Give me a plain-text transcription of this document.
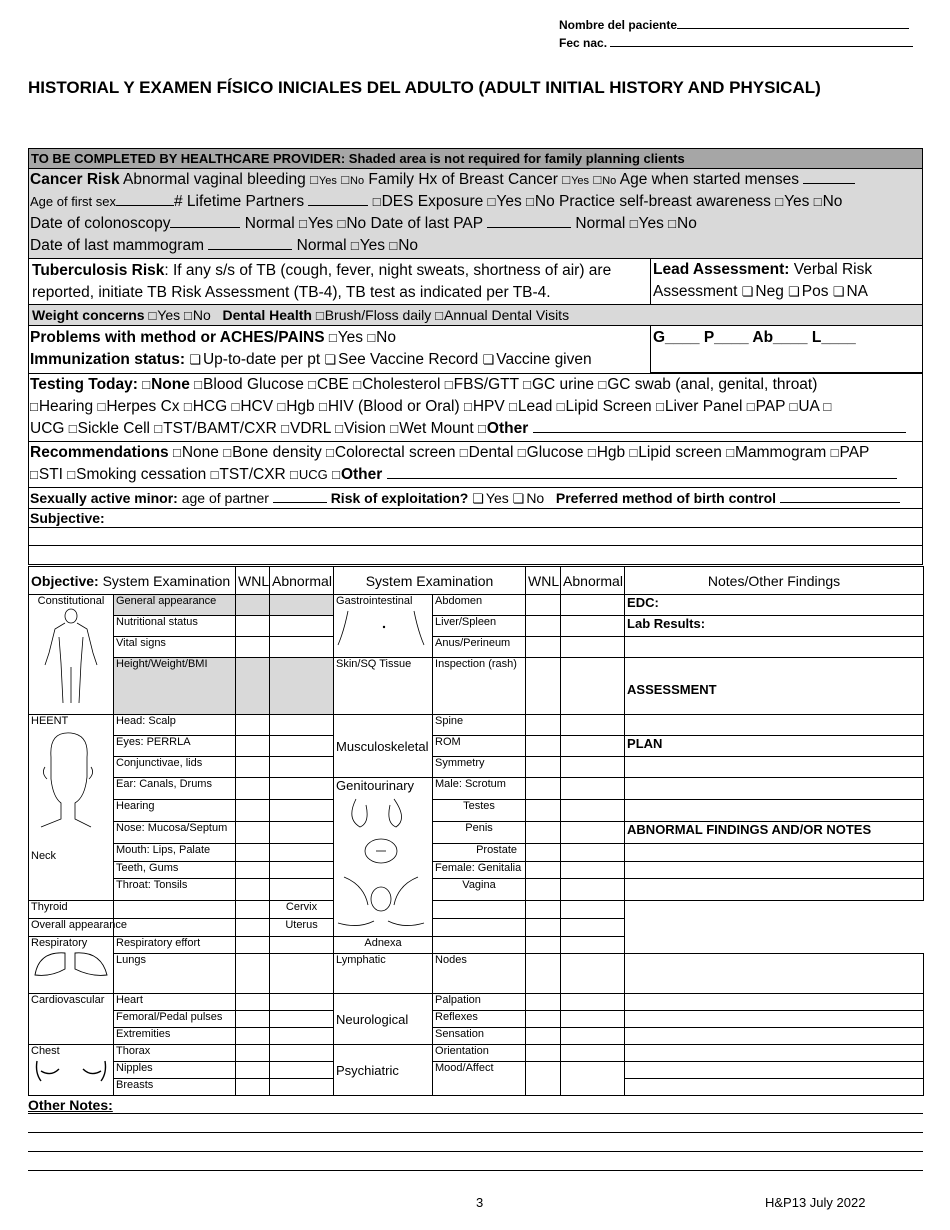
Nombre del paciente
Fec nac.
HISTORIAL Y EXAMEN FÍSICO INICIALES DEL ADULTO (ADULT INITIAL HISTORY AND PHYSICAL)
TO BE COMPLETED BY HEALTHCARE PROVIDER: Shaded area is not required for family planning clients
Cancer Risk Abnormal vaginal bleeding □ Yes □ No Family Hx of Breast Cancer □ Yes □ No Age when started menses
Age of first sex	# Lifetime Partners	□ DES Exposure □ Yes □ No Practice self-breast awareness □ Yes □ No
Date of colonoscopy	Normal □ Yes □ No Date of last PAP	Normal □ Yes □ No
Date of last mammogram	Normal □ Yes □ No
Tuberculosis Risk: If any s/s of TB (cough, fever, night sweats, shortness of air) are
reported, initiate TB Risk Assessment (TB-4), TB test as indicated per TB-4.
Lead Assessment: Verbal Risk
Assessment ❏ Neg ❏ Pos ❏ NA
Weight concerns □ Yes □ No Dental Health □ Brush/Floss daily □ Annual Dental Visits
Problems with method or ACHES/PAINS □ Yes □ No
Immunization status: ❏ Up-to-date per pt ❏ See Vaccine Record ❏ Vaccine given
G____ P____ Ab____ L____
Testing Today: □ None □ Blood Glucose □ CBE □ Cholesterol □ FBS/GTT □ GC urine □ GC swab (anal, genital, throat)
□ Hearing □ Herpes Cx □ HCG □ HCV □ Hgb □ HIV (Blood or Oral) □ HPV □ Lead □ Lipid Screen □ Liver Panel □ PAP □ UA □
UCG □ Sickle Cell □ TST/BAMT/CXR □ VDRL □ Vision □ Wet Mount □ Other
Recommendations □ None □ Bone density □ Colorectal screen □ Dental □ Glucose □ Hgb □ Lipid screen □ Mammogram □ PAP
□ STI □ Smoking cessation □ TST/CXR □ UCG □ Other
Sexually active minor: age of partner	Risk of exploitation? ❏ Yes ❏ No Preferred method of birth control
Subjective:
Objective: System Examination		WNL	Abnormal	System Examination		WNL	Abnormal	Notes/Other Findings

Constitutional	General appearance			Gastrointestinal	Abdomen			EDC:
	Nutritional status				Liver/Spleen			Lab Results:
	Vital signs				Anus/Perineum			
	Height/Weight/BMI			Skin/SQ Tissue	Inspection (rash)			ASSESSMENT

HEENT
Neck	Head: Scalp			Musculoskeletal	Spine			
	Eyes: PERRLA				ROM			PLAN
	Conjunctivae, lids				Symmetry			
	Ear: Canals, Drums			Genitourinary	Male: Scrotum			
	Hearing				Testes			
	Nose: Mucosa/Septum				Penis			ABNORMAL FINDINGS AND/OR NOTES
	Mouth: Lips, Palate				Prostate			
	Teeth, Gums				Female: Genitalia			
	Throat: Tonsils				Vagina			
Thyroid			Cervix					
Overall appearance			Uterus					

Respiratory	Respiratory effort			Adnexa				
	Lungs			Lymphatic	Nodes			
Cardiovascular	Heart			Neurological	Palpation			
	Femoral/Pedal pulses				Reflexes			
	Extremities				Sensation			

Chest	Thorax			Psychiatric	Orientation			
	Nipples				Mood/Affect			
	Breasts							
Other Notes:
3	H&P13 July 2022
